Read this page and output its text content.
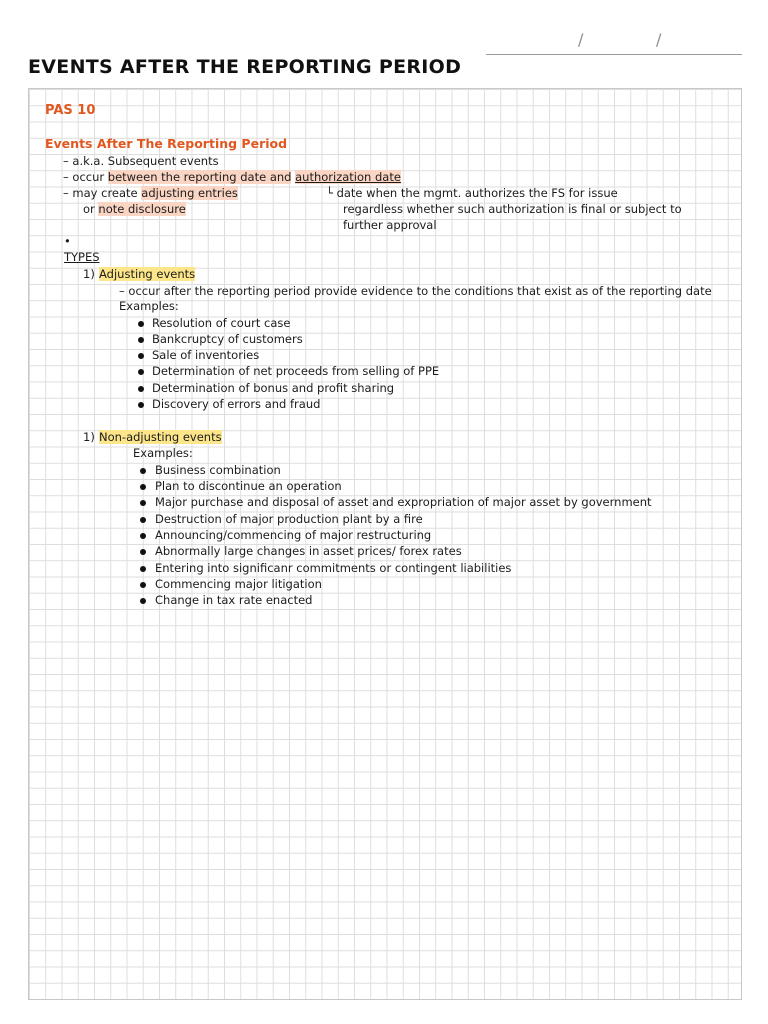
/	/
EVENTS AFTER THE REPORTING PERIOD
PAS 10
Events After The Reporting Period
– a.k.a. Subsequent events
– occur between the reporting date and authorization date
– may create adjusting entries
or note disclosure
└ date when the mgmt. authorizes the FS for issue
regardless whether such authorization is final or subject to
further approval
•
TYPES
1) Adjusting events
– occur after the reporting period provide evidence to the conditions that exist as of the reporting date
Examples:
Resolution of court case
Bankcruptcy of customers
Sale of inventories
Determination of net proceeds from selling of PPE
Determination of bonus and profit sharing
Discovery of errors and fraud
1) Non-adjusting events
Examples:
Business combination
Plan to discontinue an operation
Major purchase and disposal of asset and expropriation of major asset by government
Destruction of major production plant by a fire
Announcing/commencing of major restructuring
Abnormally large changes in asset prices/ forex rates
Entering into significanr commitments or contingent liabilities
Commencing major litigation
Change in tax rate enacted
